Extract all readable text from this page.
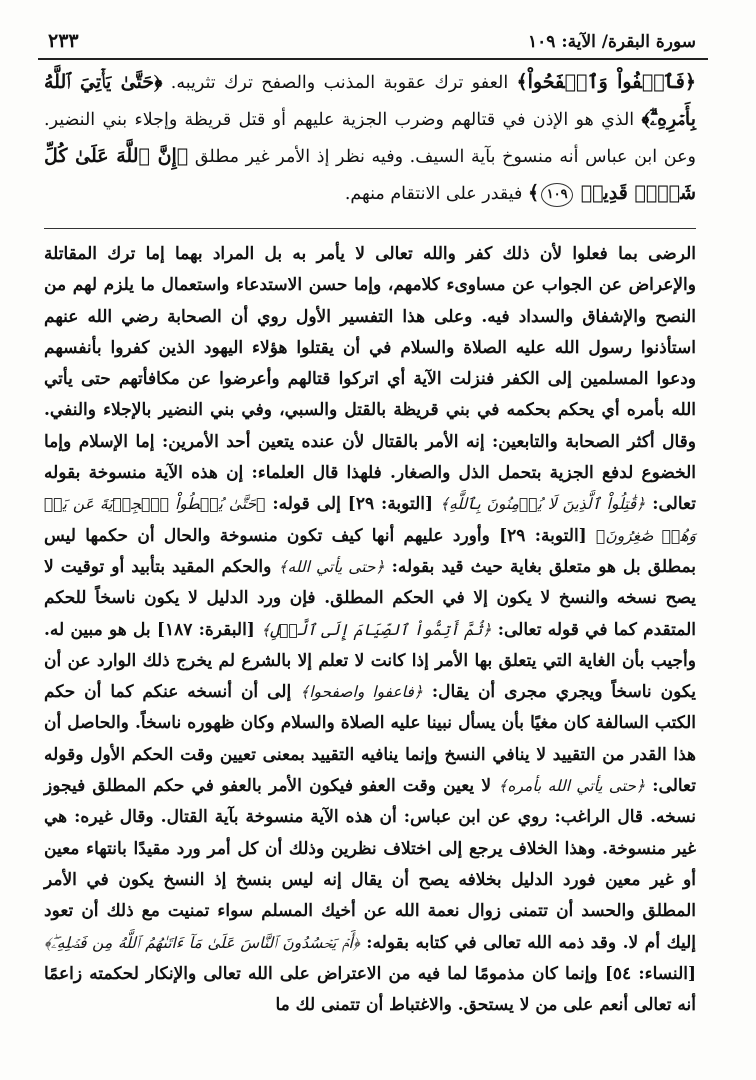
سورة البقرة/ الآية: ١٠٩
٢٣٣

﴿فَٱعۡفُواْ وَٱصۡفَحُواْ﴾ العفو ترك عقوبة المذنب والصفح ترك تثريبه. ﴿حَتَّىٰ يَأۡتِيَ ٱللَّهُ بِأَمۡرِهِۦٓۗ﴾ الذي هو الإذن في قتالهم وضرب الجزية عليهم أو قتل قريظة وإجلاء بني النضير. وعن ابن عباس أنه منسوخ بآية السيف. وفيه نظر إذ الأمر غير مطلق ﴿إِنَّ ٱللَّهَ عَلَىٰ كُلِّ شَيۡءٖ قَدِيرٞ ١٠٩﴾ فيقدر على الانتقام منهم.

الرضى بما فعلوا لأن ذلك كفر والله تعالى لا يأمر به بل المراد بهما إما ترك المقاتلة والإعراض عن الجواب عن مساوىء كلامهم، وإما حسن الاستدعاء واستعمال ما يلزم لهم من النصح والإشفاق والسداد فيه. وعلى هذا التفسير الأول روي أن الصحابة رضي الله عنهم استأذنوا رسول الله عليه الصلاة والسلام في أن يقتلوا هؤلاء اليهود الذين كفروا بأنفسهم ودعوا المسلمين إلى الكفر فنزلت الآية أي اتركوا قتالهم وأعرضوا عن مكافأتهم حتى يأتي الله بأمره أي يحكم بحكمه في بني قريظة بالقتل والسبي، وفي بني النضير بالإجلاء والنفي. وقال أكثر الصحابة والتابعين: إنه الأمر بالقتال لأن عنده يتعين أحد الأمرين: إما الإسلام وإما الخضوع لدفع الجزية بتحمل الذل والصغار. فلهذا قال العلماء: إن هذه الآية منسوخة بقوله تعالى: ﴿قَٰتِلُواْ ٱلَّذِينَ لَا يُؤۡمِنُونَ بِٱللَّهِ﴾ [التوبة: ٢٩] إلى قوله: ﴿حَتَّىٰ يُعۡطُواْ ٱلۡجِزۡيَةَ عَن يَدٖ وَهُمۡ صَٰغِرُونَ﴾ [التوبة: ٢٩] وأورد عليهم أنها كيف تكون منسوخة والحال أن حكمها ليس بمطلق بل هو متعلق بغاية حيث قيد بقوله: ﴿حتى يأتي الله﴾ والحكم المقيد بتأبيد أو توقيت لا يصح نسخه والنسخ لا يكون إلا في الحكم المطلق. فإن ورد الدليل لا يكون ناسخاً للحكم المتقدم كما في قوله تعالى: ﴿ثُمَّ أَتِمُّواْ ٱلصِّيَامَ إِلَى ٱلَّيۡلِ﴾ [البقرة: ١٨٧] بل هو مبين له. وأجيب بأن الغاية التي يتعلق بها الأمر إذا كانت لا تعلم إلا بالشرع لم يخرج ذلك الوارد عن أن يكون ناسخاً ويجري مجرى أن يقال: ﴿فاعفوا واصفحوا﴾ إلى أن أنسخه عنكم كما أن حكم الكتب السالفة كان مغيًا بأن يسأل نبينا عليه الصلاة والسلام وكان ظهوره ناسخاً. والحاصل أن هذا القدر من التقييد لا ينافي النسخ وإنما ينافيه التقييد بمعنى تعيين وقت الحكم الأول وقوله تعالى: ﴿حتى يأتي الله بأمره﴾ لا يعين وقت العفو فيكون الأمر بالعفو في حكم المطلق فيجوز نسخه. قال الراغب: روي عن ابن عباس: أن هذه الآية منسوخة بآية القتال. وقال غيره: هي غير منسوخة. وهذا الخلاف يرجع إلى اختلاف نظرين وذلك أن كل أمر ورد مقيدًا بانتهاء معين أو غير معين فورد الدليل بخلافه يصح أن يقال إنه ليس بنسخ إذ النسخ يكون في الأمر المطلق والحسد أن تتمنى زوال نعمة الله عن أخيك المسلم سواء تمنيت مع ذلك أن تعود إليك أم لا. وقد ذمه الله تعالى في كتابه بقوله: ﴿أَمۡ يَحۡسُدُونَ ٱلنَّاسَ عَلَىٰ مَآ ءَاتَىٰهُمُ ٱللَّهُ مِن فَضۡلِهِۦۖ﴾ [النساء: ٥٤] وإنما كان مذمومًا لما فيه من الاعتراض على الله تعالى والإنكار لحكمته زاعمًا أنه تعالى أنعم على من لا يستحق. والاغتباط أن تتمنى لك ما
